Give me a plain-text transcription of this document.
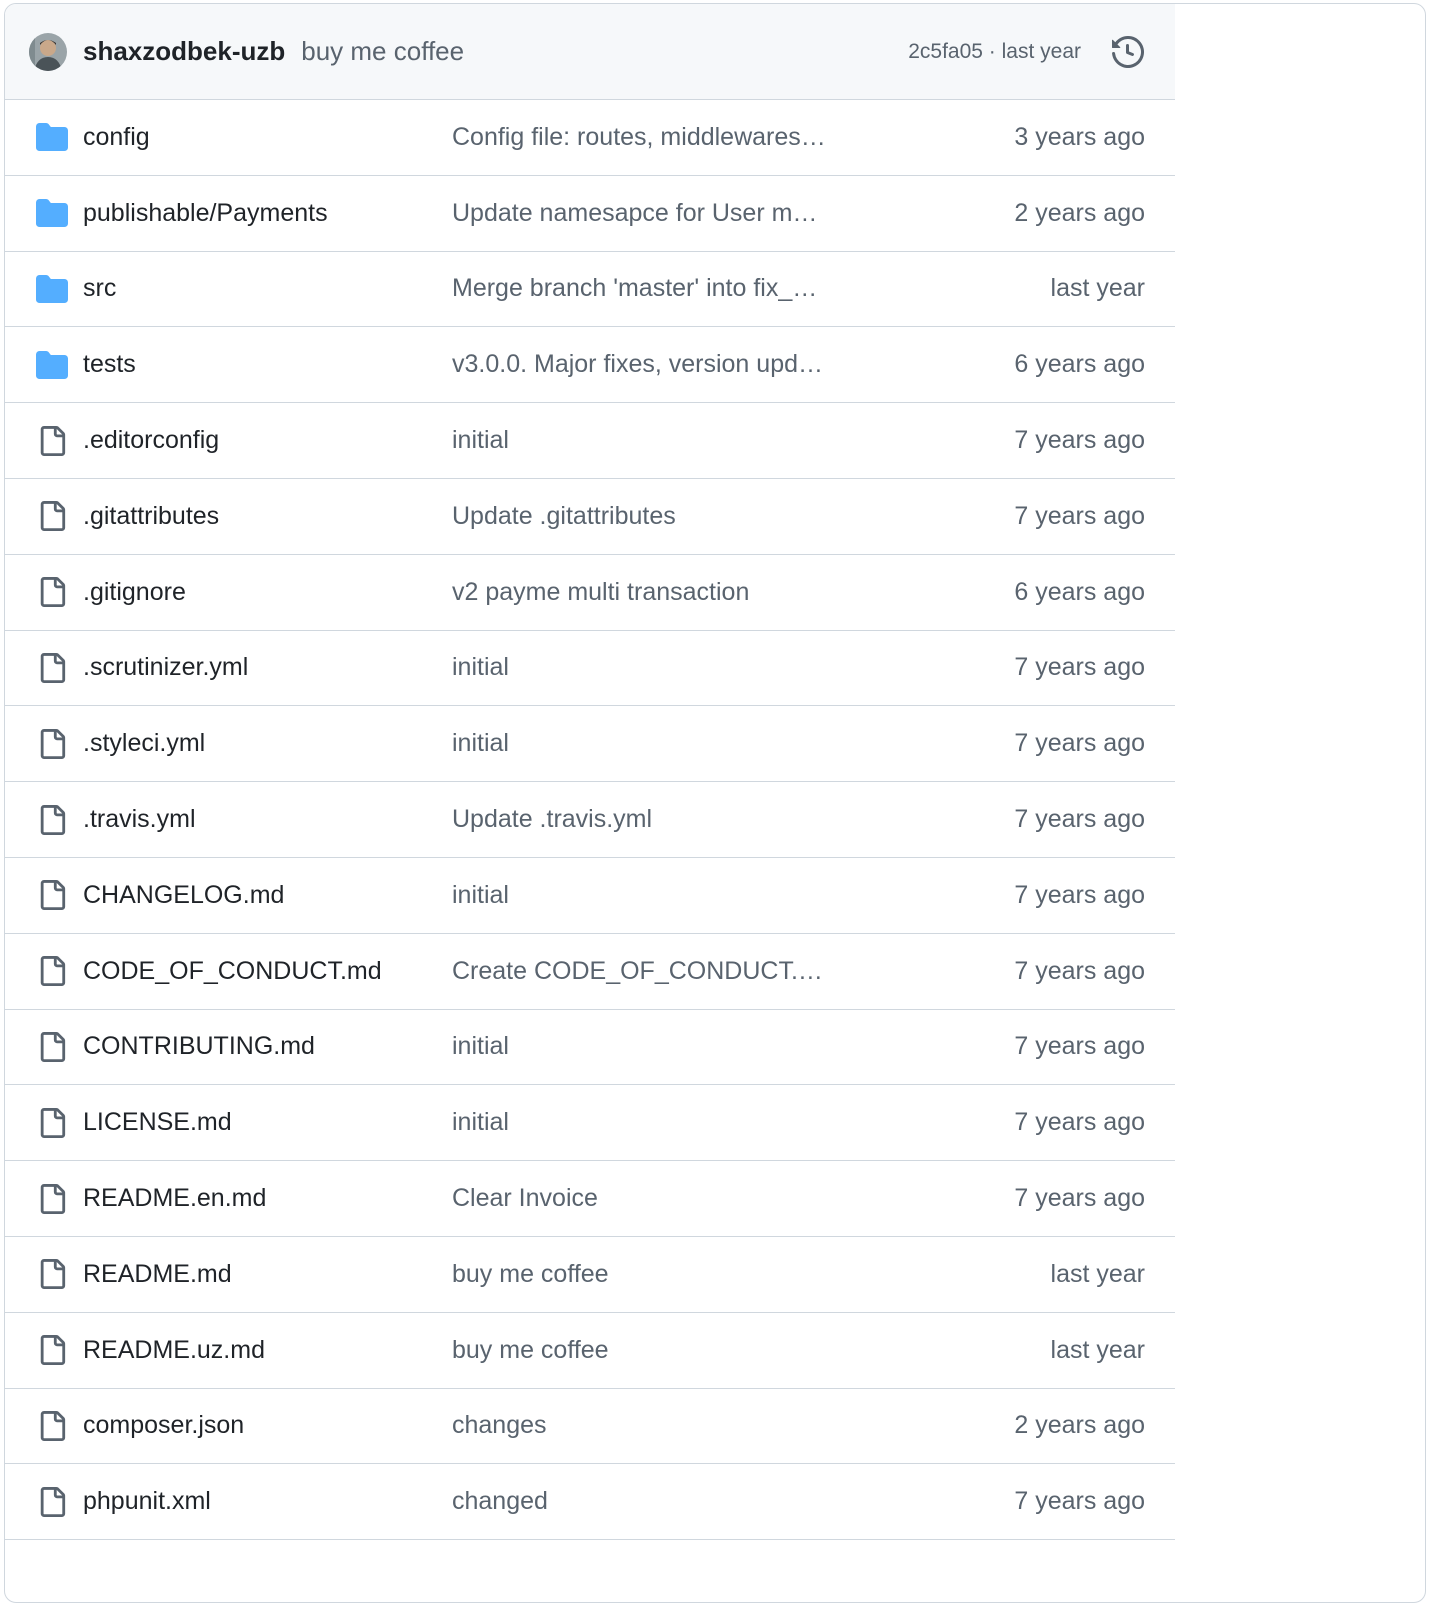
shaxzodbek-uzb buy me coffee	2c5fa05 · last year
config	Config file: routes, middlewares…	3 years ago
publishable/Payments	Update namesapce for User m…	2 years ago
src	Merge branch 'master' into fix_…	last year
tests	v3.0.0. Major fixes, version upd…	6 years ago
.editorconfig	initial	7 years ago
.gitattributes	Update .gitattributes	7 years ago
.gitignore	v2 payme multi transaction	6 years ago
.scrutinizer.yml	initial	7 years ago
.styleci.yml	initial	7 years ago
.travis.yml	Update .travis.yml	7 years ago
CHANGELOG.md	initial	7 years ago
CODE_OF_CONDUCT.md	Create CODE_OF_CONDUCT.…	7 years ago
CONTRIBUTING.md	initial	7 years ago
LICENSE.md	initial	7 years ago
README.en.md	Clear Invoice	7 years ago
README.md	buy me coffee	last year
README.uz.md	buy me coffee	last year
composer.json	changes	2 years ago
phpunit.xml	changed	7 years ago
